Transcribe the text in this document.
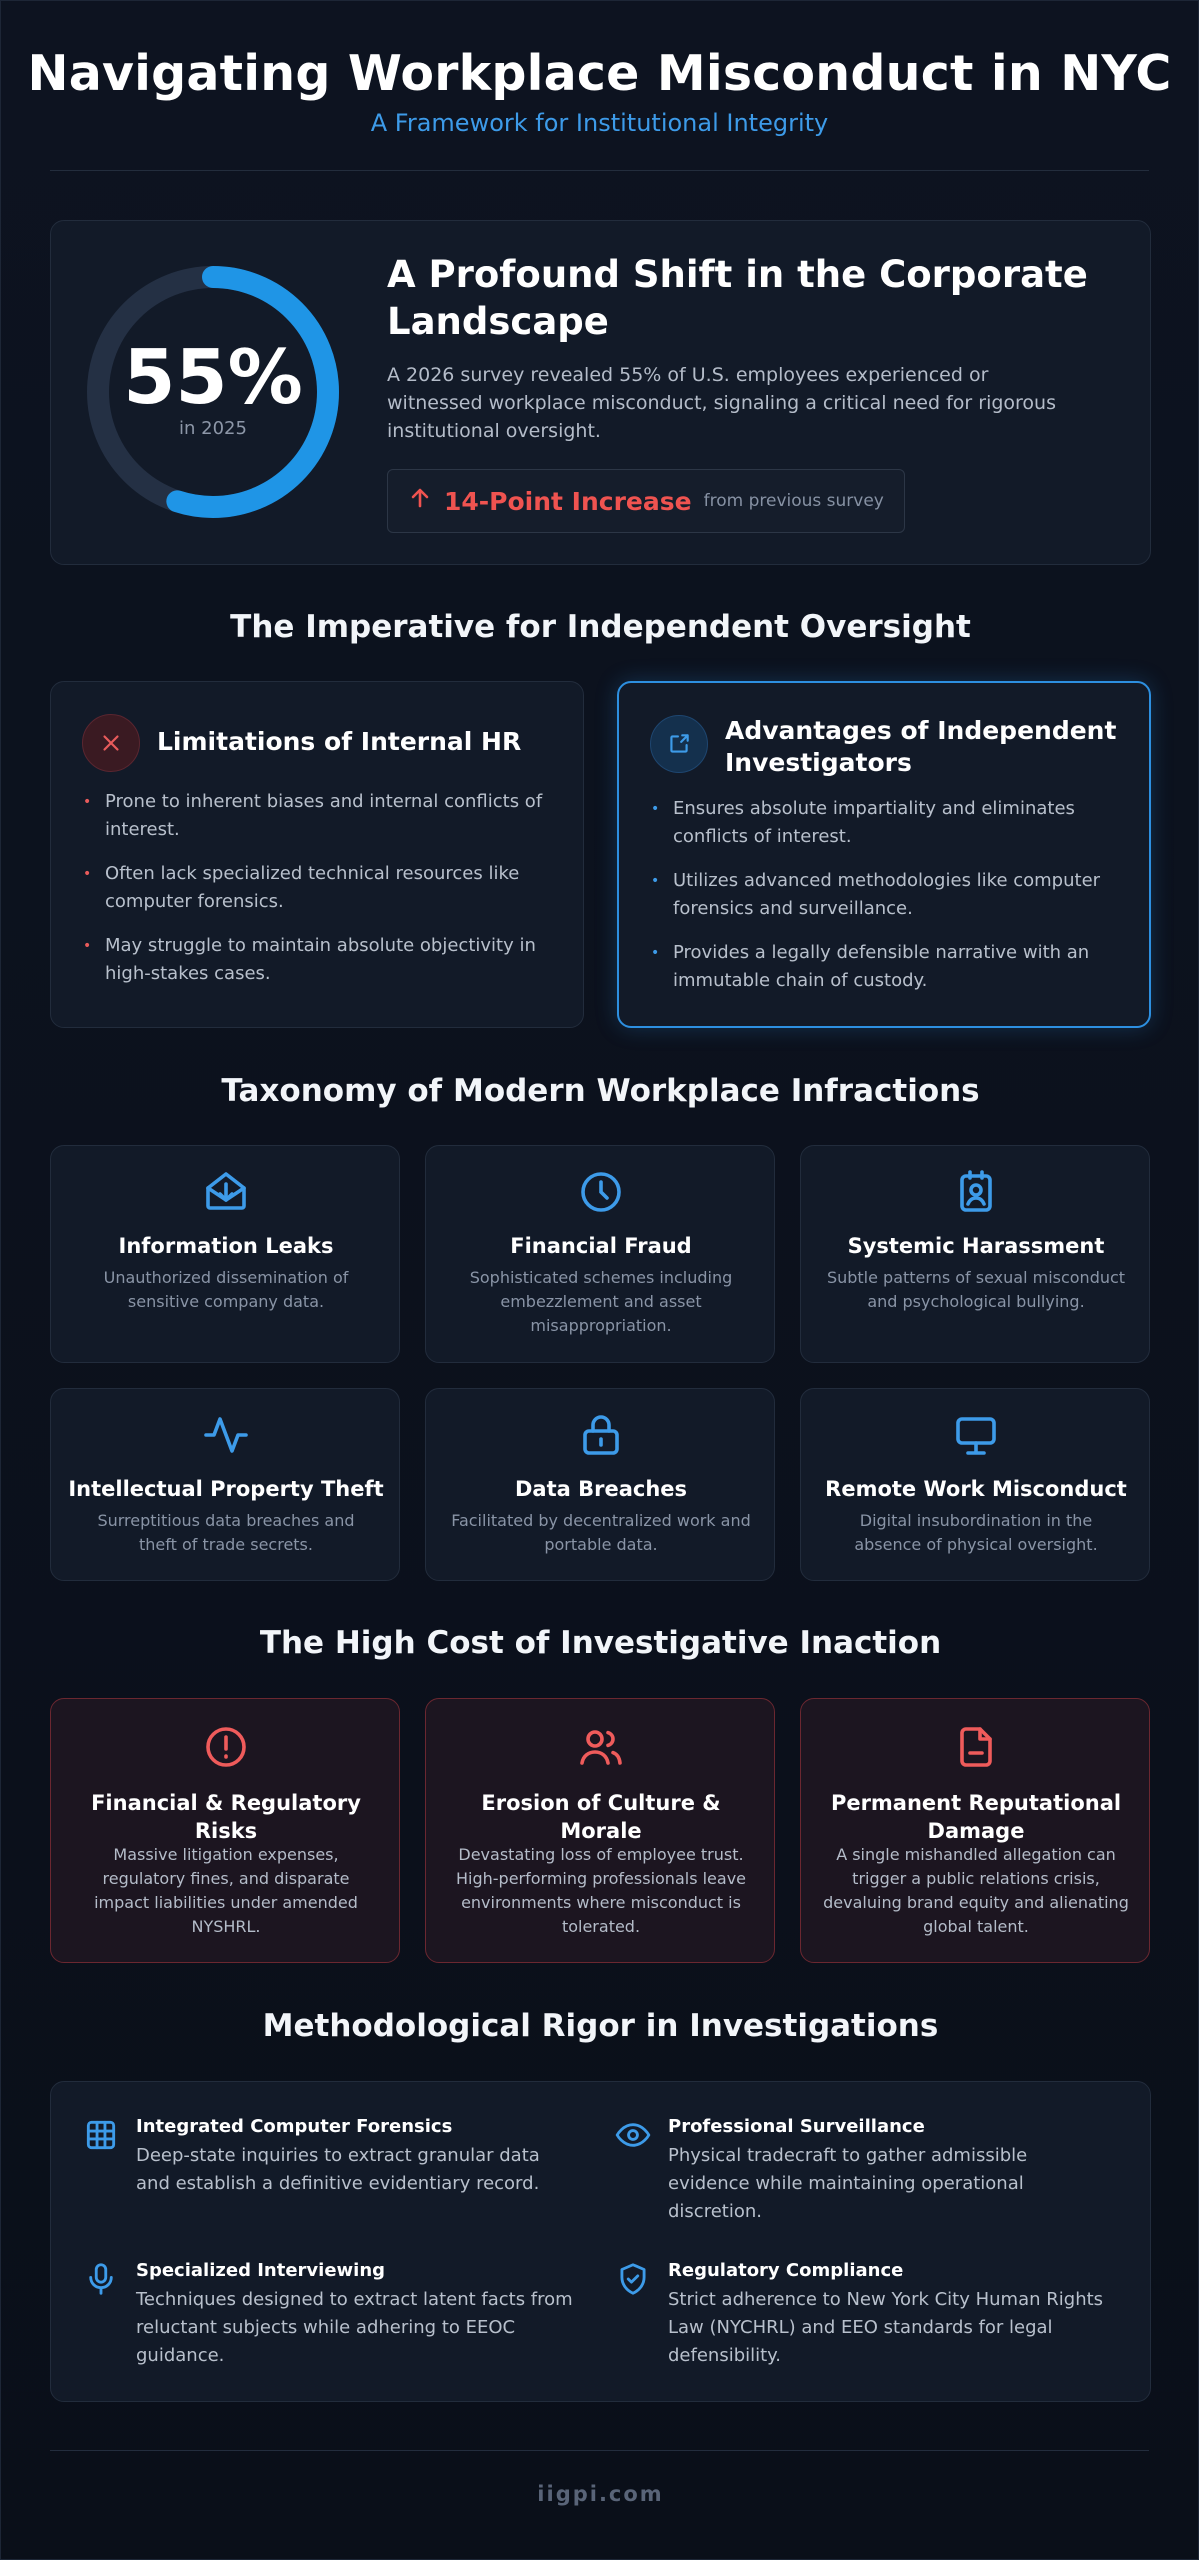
Navigating Workplace Misconduct in NYC
A Framework for Institutional Integrity
55%
in 2025
A Profound Shift in the Corporate Landscape

A 2026 survey revealed 55% of U.S. employees experienced or witnessed workplace misconduct, signaling a critical need for rigorous institutional oversight.

14-Point Increase from previous survey
The Imperative for Independent Oversight
Limitations of Internal HR
• Prone to inherent biases and internal conflicts of interest.
• Often lack specialized technical resources like computer forensics.
• May struggle to maintain absolute objectivity in high-stakes cases.
Advantages of Independent Investigators
• Ensures absolute impartiality and eliminates conflicts of interest.
• Utilizes advanced methodologies like computer forensics and surveillance.
• Provides a legally defensible narrative with an immutable chain of custody.
Taxonomy of Modern Workplace Infractions
Information Leaks

Unauthorized dissemination of sensitive company data.

Financial Fraud

Sophisticated schemes including embezzlement and asset misappropriation.

Systemic Harassment

Subtle patterns of sexual misconduct and psychological bullying.

Intellectual Property Theft

Surreptitious data breaches and theft of trade secrets.

Data Breaches

Facilitated by decentralized work and portable data.

Remote Work Misconduct

Digital insubordination in the absence of physical oversight.

The High Cost of Investigative Inaction
Financial & Regulatory Risks

Massive litigation expenses, regulatory fines, and disparate impact liabilities under amended NYSHRL.

Erosion of Culture & Morale

Devastating loss of employee trust. High-performing professionals leave environments where misconduct is tolerated.

Permanent Reputational Damage

A single mishandled allegation can trigger a public relations crisis, devaluing brand equity and alienating global talent.

Methodological Rigor in Investigations
Integrated Computer Forensics

Deep-state inquiries to extract granular data and establish a definitive evidentiary record.

Professional Surveillance

Physical tradecraft to gather admissible evidence while maintaining operational discretion.

Specialized Interviewing

Techniques designed to extract latent facts from reluctant subjects while adhering to EEOC guidance.

Regulatory Compliance

Strict adherence to New York City Human Rights Law (NYCHRL) and EEO standards for legal defensibility.

iigpi.com
